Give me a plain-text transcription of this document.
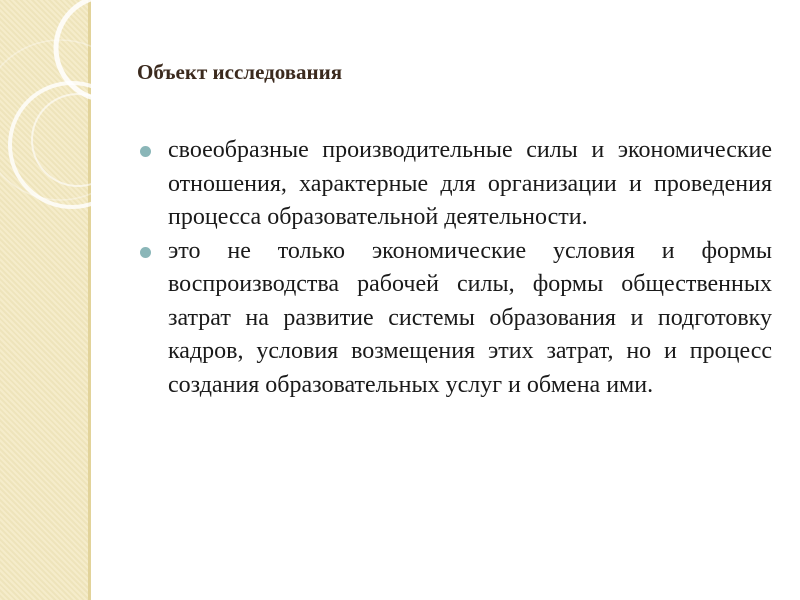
Объект исследования
своеобразные производительные силы и экономические отношения, характерные для организации и проведения процесса образовательной деятельности.
это не только экономические условия и формы воспроизводства рабочей силы, формы общественных затрат на развитие системы образования и подготовку кадров, условия возмещения этих затрат, но и процесс создания образовательных услуг и обмена ими.
